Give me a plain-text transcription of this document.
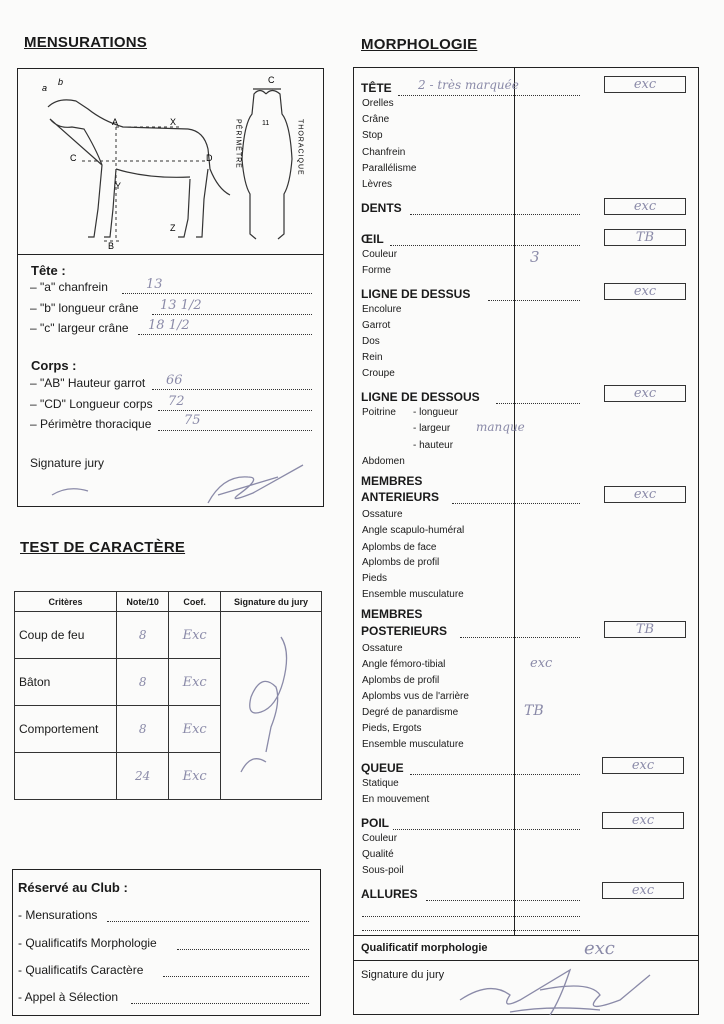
MENSURATIONS
a
b
A	X
C	D
Y
Z
B
C
11
PÉRIMÈTRE	THORACIQUE
Tête :
– "a" chanfrein	13
– "b" longueur crâne 13 1/2
– "c" largeur crâne 18 1/2
Corps :
– "AB" Hauteur garrot 66
– "CD" Longueur corps 72
– Périmètre thoracique	75
Signature jury
TEST DE CARACTÈRE
Critères	Note/10	Coef.	Signature du jury
Coup de feu	8	Exc	
Bâton	8	Exc	
Comportement	8	Exc	
	24	Exc	
Réservé au Club :
- Mensurations
- Qualificatifs Morphologie
- Qualificatifs Caractère
- Appel à Sélection
MORPHOLOGIE
TÊTE 2 - très marquée	exc
Orelles
Crâne
Stop
Chanfrein
Parallélisme
Lèvres
DENTS	exc
ŒIL	TB
Couleur
Forme
3
LIGNE DE DESSUS	exc
Encolure
Garrot
Dos
Rein
Croupe
LIGNE DE DESSOUS	exc
Poitrine - longueur
- largeur
- hauteur
manque
Abdomen
MEMBRES ANTERIEURS	exc
Ossature
Angle scapulo-huméral
Aplombs de face
Aplombs de profil
Pieds
Ensemble musculature
MEMBRES POSTERIEURS	TB
Ossature
Angle fémoro-tibial	exc
Aplombs de profil
Aplombs vus de l'arrière
Degré de panardisme	TB
Pieds, Ergots
Ensemble musculature
QUEUE	exc
Statique
En mouvement
POIL	exc
Couleur
Qualité
Sous-poil
ALLURES	exc
Qualificatif morphologie	exc
Signature du jury
